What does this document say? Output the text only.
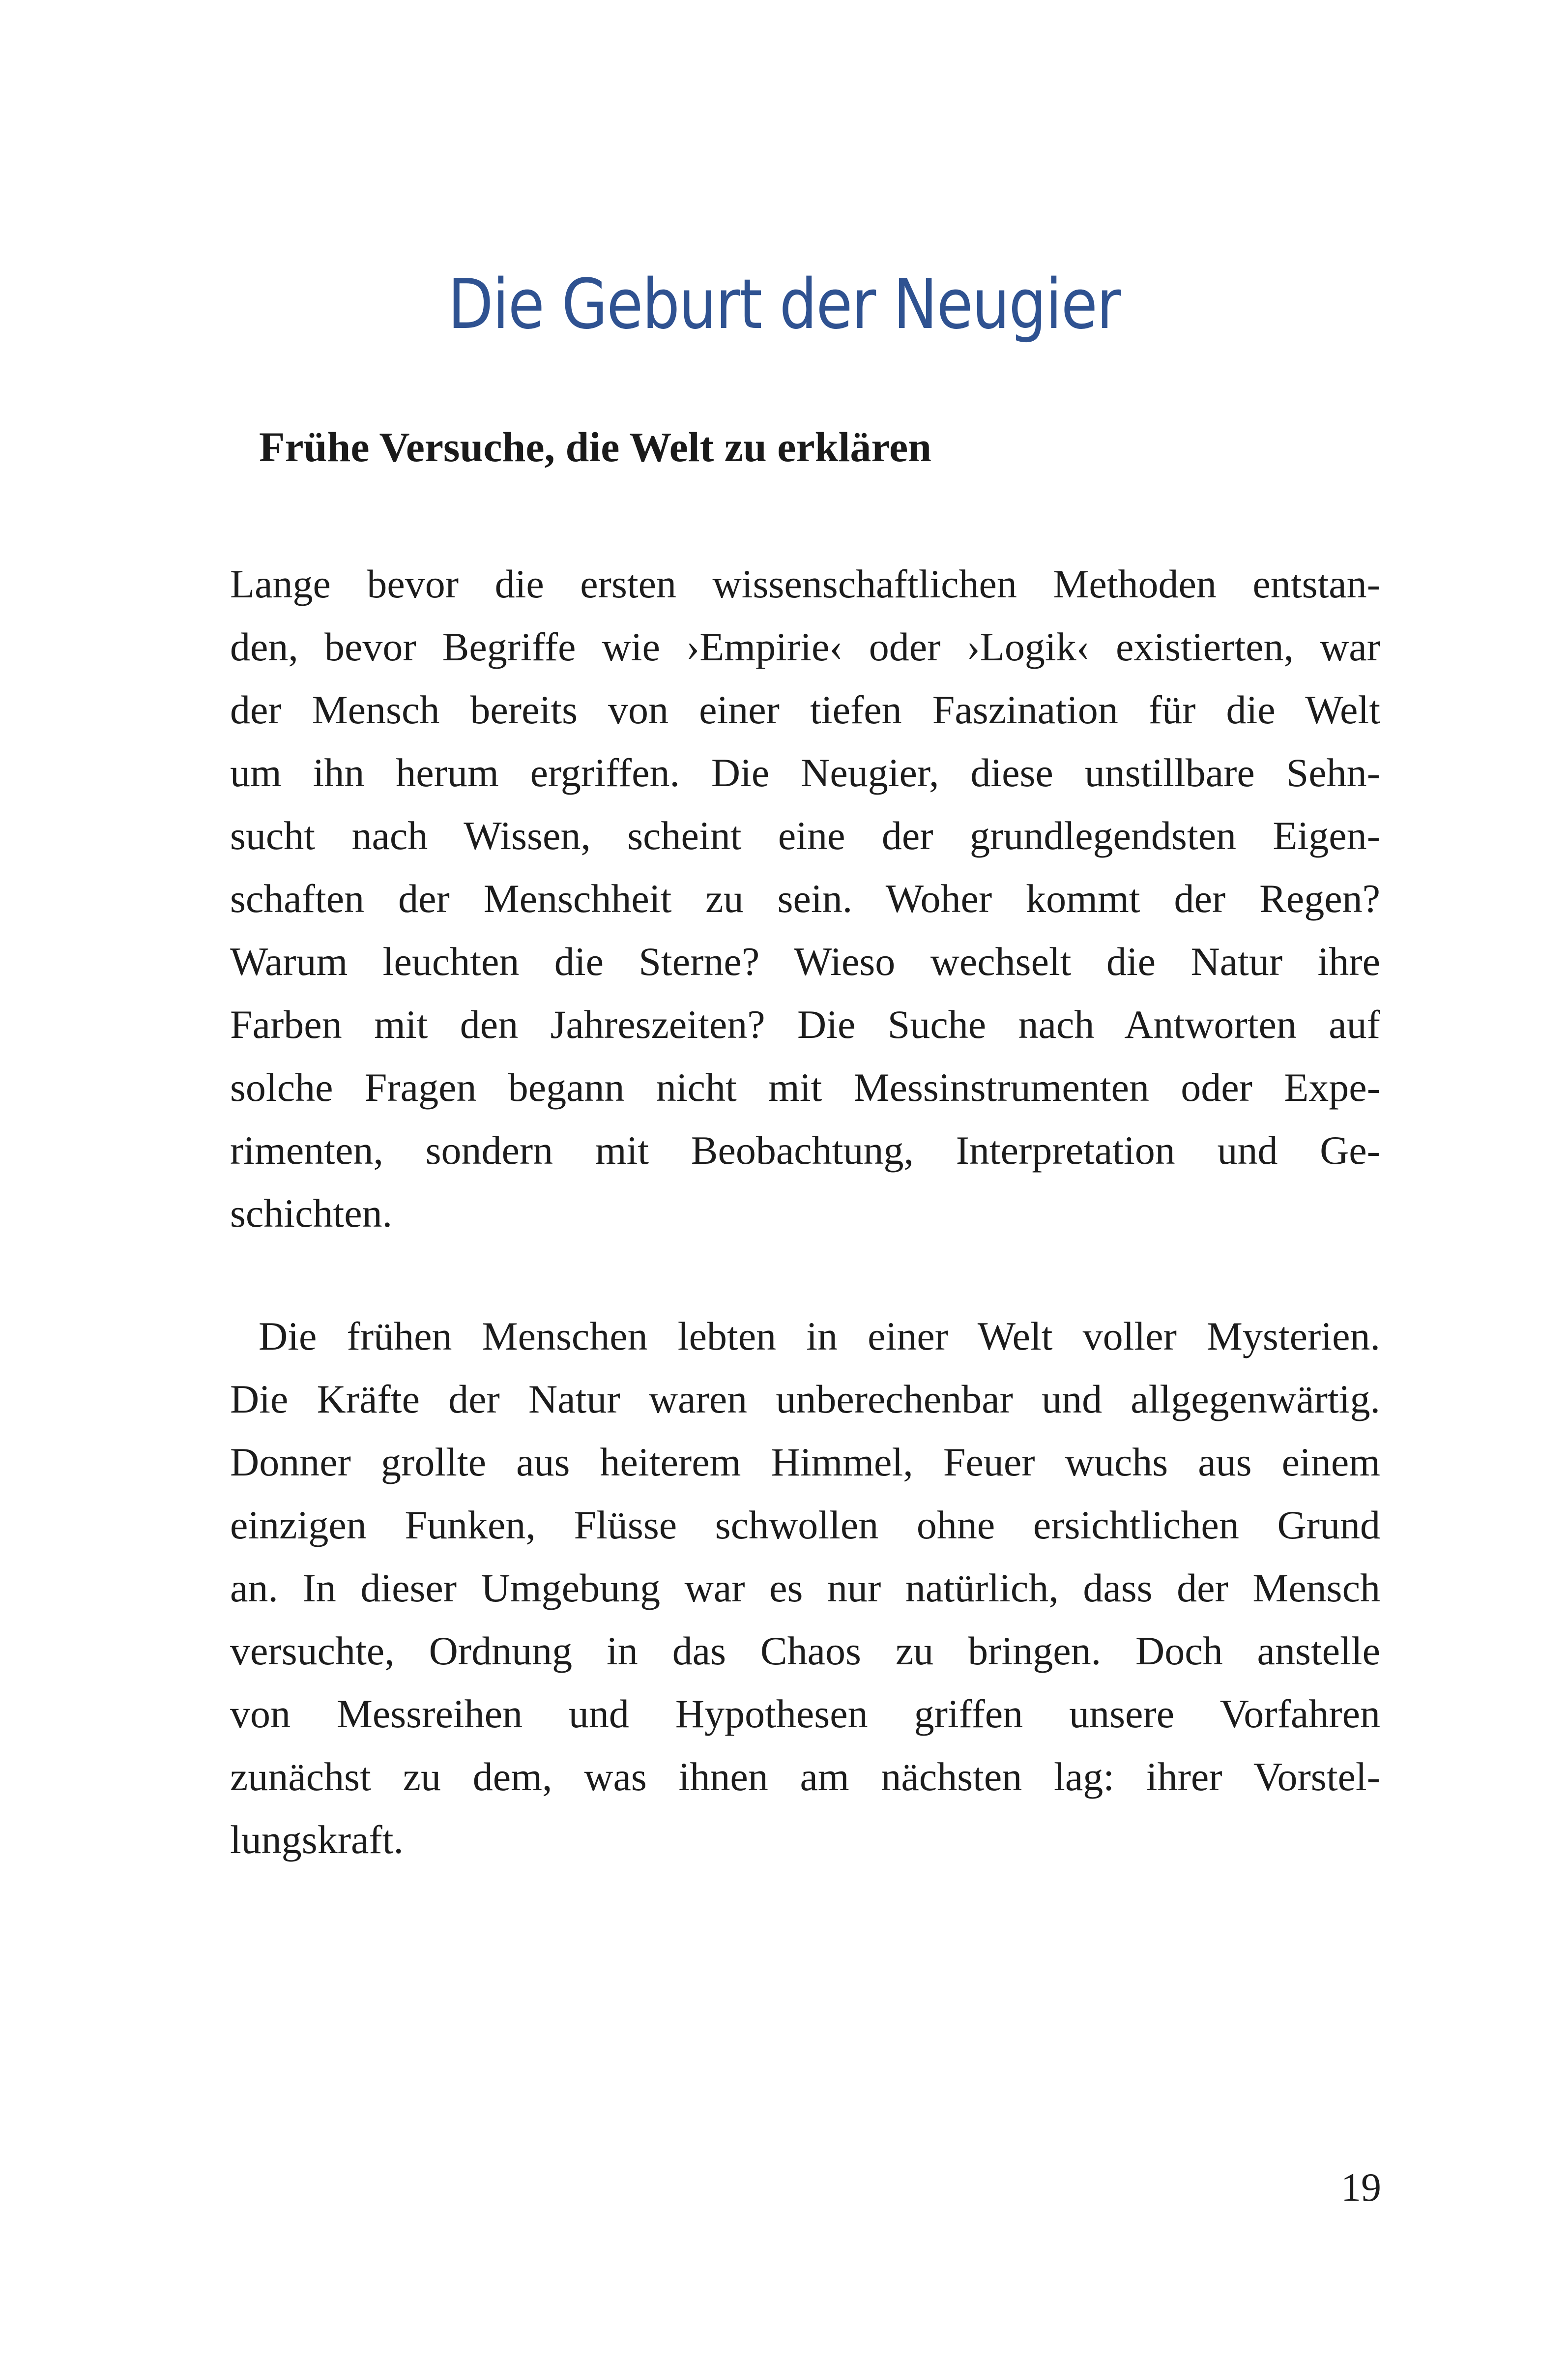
Die Geburt der Neugier
Frühe Versuche, die Welt zu erklären
Lange bevor die ersten wissenschaftlichen Methoden entstan-
den, bevor Begriffe wie ›Empirie‹ oder ›Logik‹ existierten, war
der Mensch bereits von einer tiefen Faszination für die Welt
um ihn herum ergriffen. Die Neugier, diese unstillbare Sehn-
sucht nach Wissen, scheint eine der grundlegendsten Eigen-
schaften der Menschheit zu sein. Woher kommt der Regen?
Warum leuchten die Sterne? Wieso wechselt die Natur ihre
Farben mit den Jahreszeiten? Die Suche nach Antworten auf
solche Fragen begann nicht mit Messinstrumenten oder Expe-
rimenten, sondern mit Beobachtung, Interpretation und Ge-
schichten.
Die frühen Menschen lebten in einer Welt voller Mysterien.
Die Kräfte der Natur waren unberechenbar und allgegenwärtig.
Donner grollte aus heiterem Himmel, Feuer wuchs aus einem
einzigen Funken, Flüsse schwollen ohne ersichtlichen Grund
an. In dieser Umgebung war es nur natürlich, dass der Mensch
versuchte, Ordnung in das Chaos zu bringen. Doch anstelle
von Messreihen und Hypothesen griffen unsere Vorfahren
zunächst zu dem, was ihnen am nächsten lag: ihrer Vorstel-
lungskraft.
19
